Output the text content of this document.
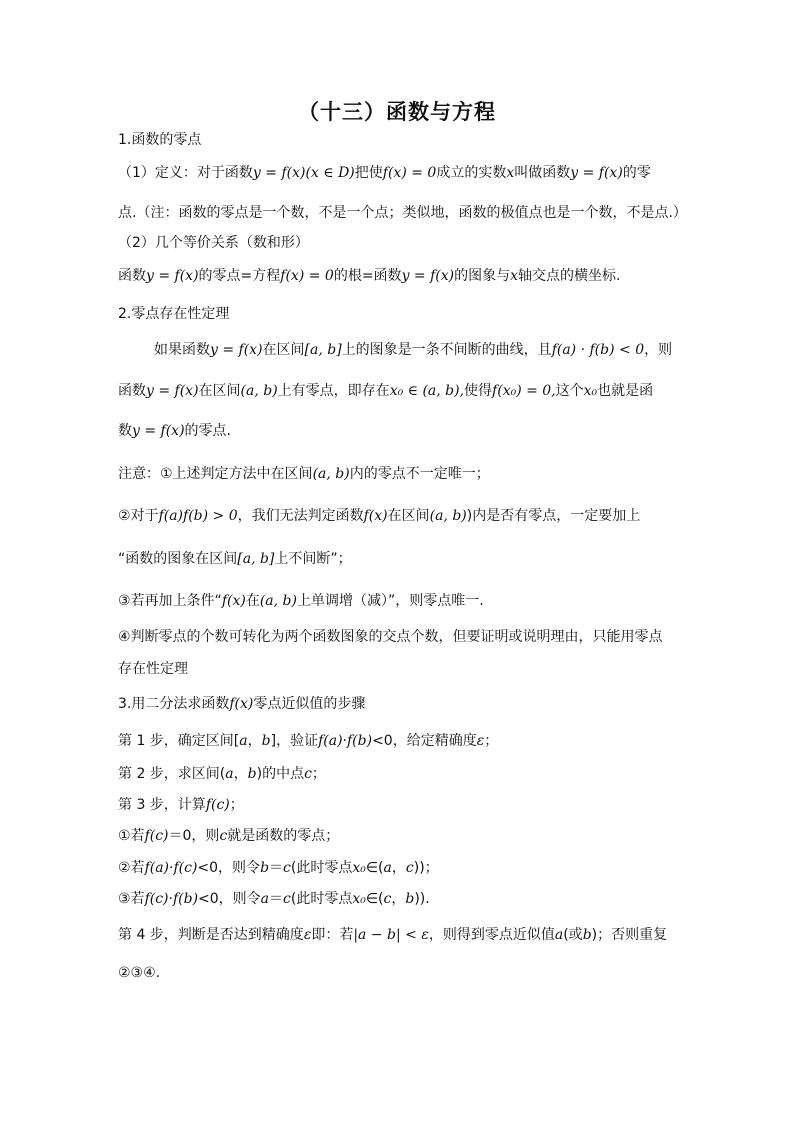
（十三）函数与方程
1.函数的零点
（1）定义：对于函数y = f(x)(x ∈ D)把使f(x) = 0成立的实数x叫做函数y = f(x)的零
点.（注：函数的零点是一个数，不是一个点；类似地，函数的极值点也是一个数，不是点.）
（2）几个等价关系（数和形）
函数y = f(x)的零点=方程f(x) = 0的根=函数y = f(x)的图象与x轴交点的横坐标.
2.零点存在性定理
如果函数y = f(x)在区间[a, b]上的图象是一条不间断的曲线，且f(a) · f(b) < 0，则
函数y = f(x)在区间(a, b)上有零点，即存在x₀ ∈ (a, b),使得f(x₀) = 0,这个x₀也就是函
数y = f(x)的零点.
注意：①上述判定方法中在区间(a, b)内的零点不一定唯一；
②对于f(a)f(b) > 0，我们无法判定函数f(x)在区间(a, b))内是否有零点，一定要加上
“函数的图象在区间[a, b]上不间断”；
③若再加上条件“f(x)在(a, b)上单调增（减）”，则零点唯一.
④判断零点的个数可转化为两个函数图象的交点个数，但要证明或说明理由，只能用零点
存在性定理
3.用二分法求函数f(x)零点近似值的步骤
第 1 步，确定区间[a，b]，验证f(a)·f(b)<0，给定精确度ε；
第 2 步，求区间(a，b)的中点c；
第 3 步，计算f(c)；
①若f(c)＝0，则c就是函数的零点；
②若f(a)·f(c)<0，则令b＝c(此时零点x₀∈(a，c))；
③若f(c)·f(b)<0，则令a＝c(此时零点x₀∈(c，b)).
第 4 步，判断是否达到精确度ε即：若|a − b| < ε，则得到零点近似值a(或b)；否则重复
②③④.
